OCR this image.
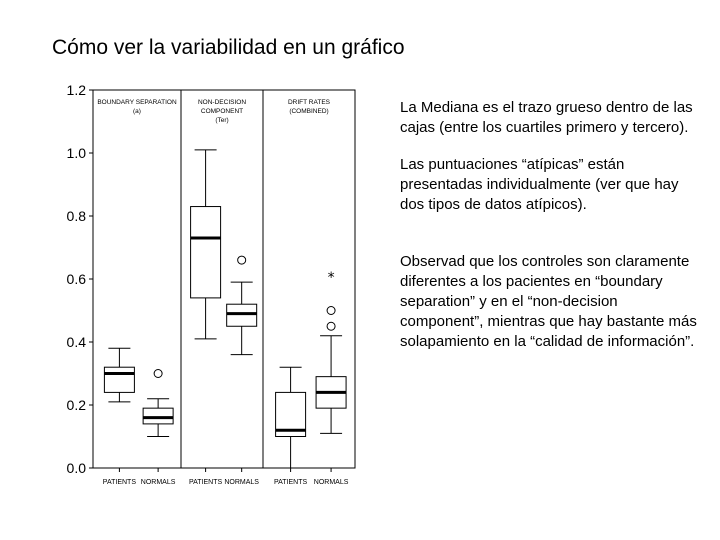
Cómo ver la variabilidad en un gráfico
0.0
0.2
0.4
0.6
0.8
1.0
1.2
BOUNDARY SEPARATION
(a)
PATIENTS NORMALS
NON-DECISION
COMPONENT
(Ter)
PATIENTS NORMALS
DRIFT RATES
(COMBINED)
PATIENTS
*
NORMALS

La Mediana es el trazo grueso dentro de las cajas (entre los cuartiles primero y tercero).

Las puntuaciones “atípicas” están presentadas individualmente (ver que hay dos tipos de datos atípicos).

Observad que los controles son claramente diferentes a los pacientes en “boundary separation” y en el “non-decision component”, mientras que hay bastante más solapamiento en la “calidad de información”.
